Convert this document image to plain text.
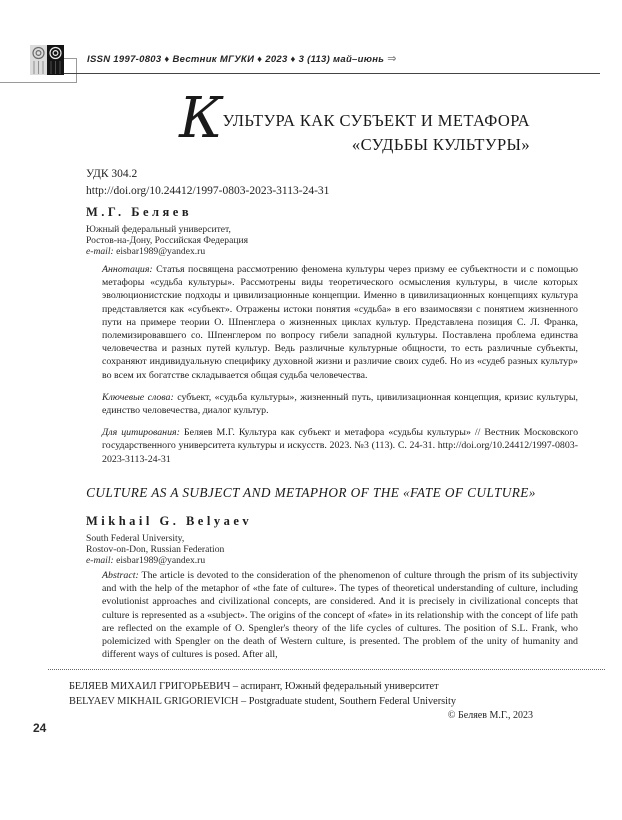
ISSN 1997-0803 ♦ Вестник МГУКИ ♦ 2023 ♦ 3 (113) май–июнь ⇒
КУЛЬТУРА КАК СУБЪЕКТ И МЕТАФОРА
«СУДЬБЫ КУЛЬТУРЫ»
УДК 304.2
http://doi.org/10.24412/1997-0803-2023-3113-24-31
М.Г. Беляев
Южный федеральный университет,
Ростов-на-Дону, Российская Федерация
e-mail: eisbar1989@yandex.ru

Аннотация: Статья посвящена рассмотрению феномена культуры через призму ее субъектности и с помощью метафоры «судьба культуры». Рассмотрены виды теоретического осмысления культуры, в числе которых эволюционистские подходы и цивилизационные концепции. Именно в цивилизационных концепциях культура представляется как «субъект». Отражены истоки понятия «судьба» в его взаимосвязи с понятием жизненного пути на примере теории О. Шпенглера о жизненных циклах культур. Представлена позиция С. Л. Франка, полемизировавшего со. Шпенглером по вопросу гибели западной культуры. Поставлена проблема единства человечества и разных путей культур. Ведь различные культурные общности, то есть различные субъекты, сохраняют индивидуальную специфику духовной жизни и различие своих судеб. Но из «судеб разных культур» во всем их богатстве складывается общая судьба человечества.

Ключевые слова: субъект, «судьба культуры», жизненный путь, цивилизационная концепция, кризис культуры, единство человечества, диалог культур.

Для цитирования: Беляев М.Г. Культура как субъект и метафора «судьбы культуры» // Вестник Московского государственного университета культуры и искусств. 2023. №3 (113). С. 24-31. http://doi.org/10.24412/1997-0803-2023-3113-24-31

CULTURE AS A SUBJECT AND METAPHOR OF THE «FATE OF CULTURE»
Mikhail G. Belyaev
South Federal University,
Rostov-on-Don, Russian Federation
e-mail: eisbar1989@yandex.ru

Abstract: The article is devoted to the consideration of the phenomenon of culture through the prism of its subjectivity and with the help of the metaphor of «the fate of culture». The types of theoretical understanding of culture, including evolutionist approaches and civilizational concepts, are considered. And it is precisely in civilizational concepts that culture is represented as a «subject». The origins of the concept of «fate» in its relationship with the concept of life path are reflected on the example of O. Spengler's theory of the life cycles of cultures. The position of S.L. Frank, who polemicized with Spengler on the death of Western culture, is presented. The problem of the unity of humanity and different ways of cultures is posed. After all,

БЕЛЯЕВ МИХАИЛ ГРИГОРЬЕВИЧ – аспирант, Южный федеральный университет
BELYAEV MIKHAIL GRIGORIEVICH – Postgraduate student, Southern Federal University
© Беляев М.Г., 2023
24
